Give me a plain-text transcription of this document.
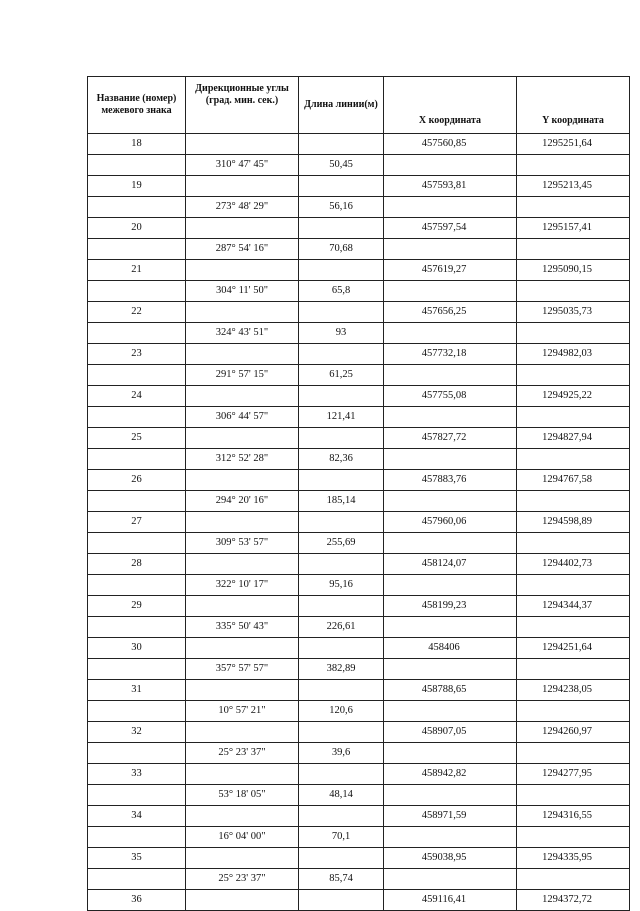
Название (номер) межевого знака	Дирекционные углы (град. мин. сек.)	Длина линии(м)	X координата	Y координата
18			457560,85	1295251,64
	310° 47' 45"	50,45		
19			457593,81	1295213,45
	273° 48' 29"	56,16		
20			457597,54	1295157,41
	287° 54' 16"	70,68		
21			457619,27	1295090,15
	304° 11' 50"	65,8		
22			457656,25	1295035,73
	324° 43' 51"	93		
23			457732,18	1294982,03
	291° 57' 15"	61,25		
24			457755,08	1294925,22
	306° 44' 57"	121,41		
25			457827,72	1294827,94
	312° 52' 28"	82,36		
26			457883,76	1294767,58
	294° 20' 16"	185,14		
27			457960,06	1294598,89
	309° 53' 57"	255,69		
28			458124,07	1294402,73
	322° 10' 17"	95,16		
29			458199,23	1294344,37
	335° 50' 43"	226,61		
30			458406	1294251,64
	357° 57' 57"	382,89		
31			458788,65	1294238,05
	10° 57' 21"	120,6		
32			458907,05	1294260,97
	25° 23' 37"	39,6		
33			458942,82	1294277,95
	53° 18' 05"	48,14		
34			458971,59	1294316,55
	16° 04' 00"	70,1		
35			459038,95	1294335,95
	25° 23' 37"	85,74		
36			459116,41	1294372,72
